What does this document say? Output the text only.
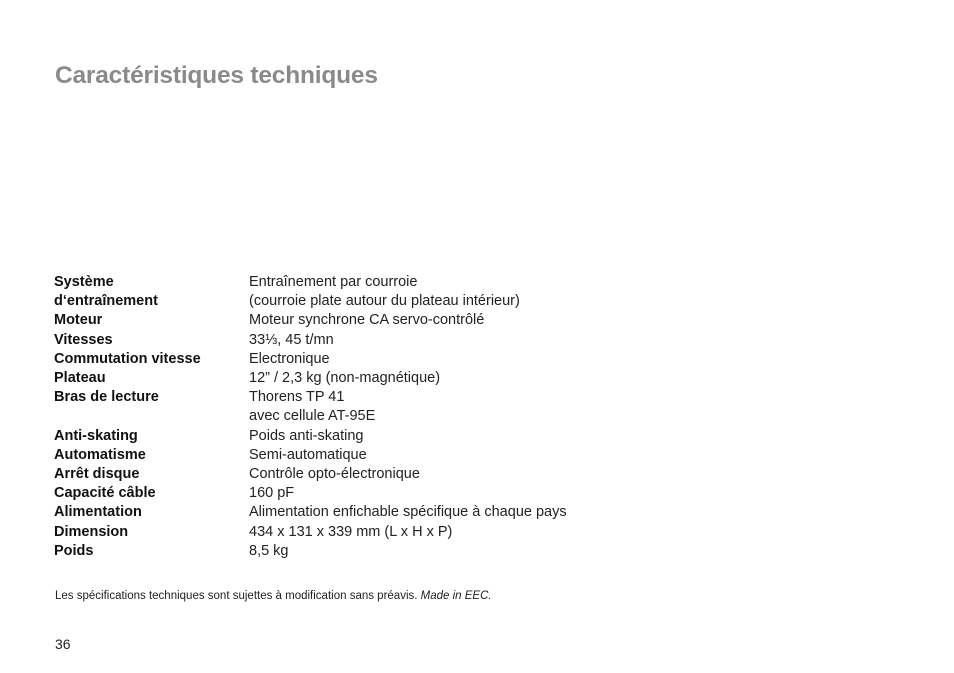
Caractéristiques techniques
Système	Entraînement par courroie
d‘entraînement	(courroie plate autour du plateau intérieur)
Moteur	Moteur synchrone CA servo-contrôlé
Vitesses	33⅓, 45 t/mn
Commutation vitesse	Electronique
Plateau	12” / 2,3 kg (non-magnétique)
Bras de lecture	Thorens TP 41
avec cellule AT-95E
Anti-skating	Poids anti-skating
Automatisme	Semi-automatique
Arrêt disque	Contrôle opto-électronique
Capacité câble	160 pF
Alimentation	Alimentation enfichable spécifique à chaque pays
Dimension	434 x 131 x 339 mm (L x H x P)
Poids	8,5 kg
Les spécifications techniques sont sujettes à modification sans préavis. Made in EEC.
36
